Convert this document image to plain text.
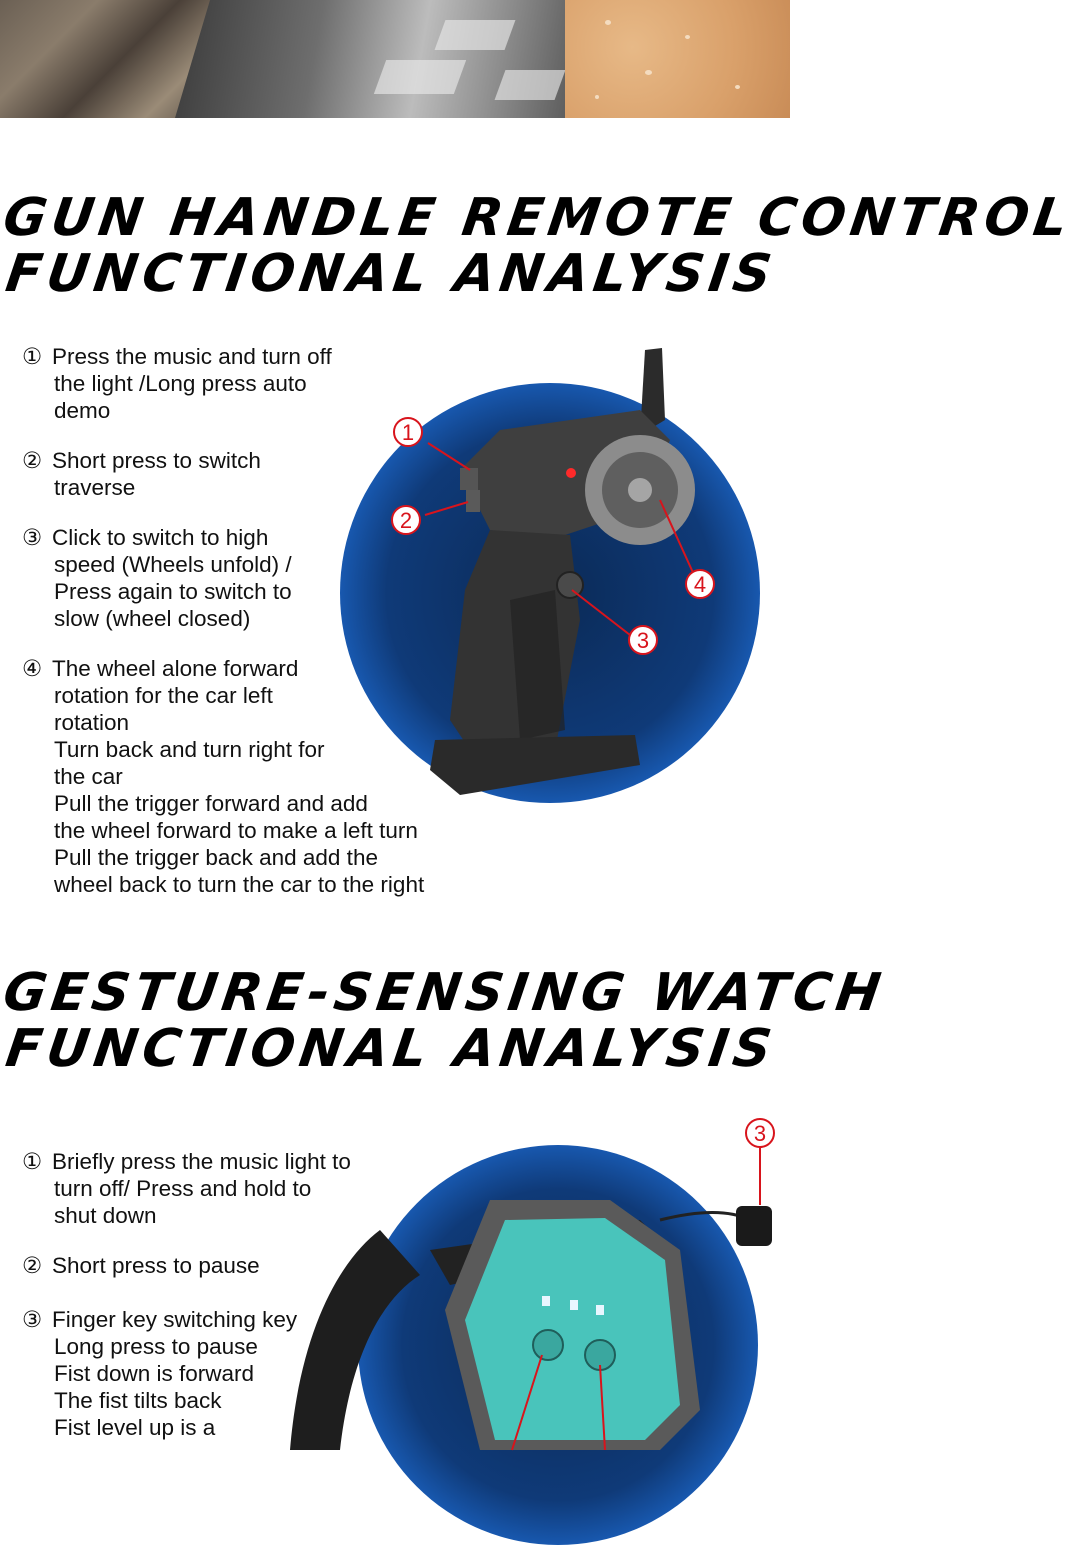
GUN HANDLE REMOTE CONTROL
FUNCTIONAL ANALYSIS
1
2
3
4
① Press the music and turn off
the light /Long press auto
demo
② Short press to switch
traverse
③ Click to switch to high
speed (Wheels unfold) /
Press again to switch to
slow (wheel closed)
④ The wheel alone forward
rotation for the car left
rotation
Turn back and turn right for
the car
Pull the trigger forward and add
the wheel forward to make a left turn
Pull the trigger back and add the
wheel back to turn the car to the right
GESTURE-SENSING WATCH
FUNCTIONAL ANALYSIS
3
① Briefly press the music light to
turn off/ Press and hold to
shut down
② Short press to pause
③ Finger key switching key
Long press to pause
Fist down is forward
The fist tilts back
Fist level up is a
